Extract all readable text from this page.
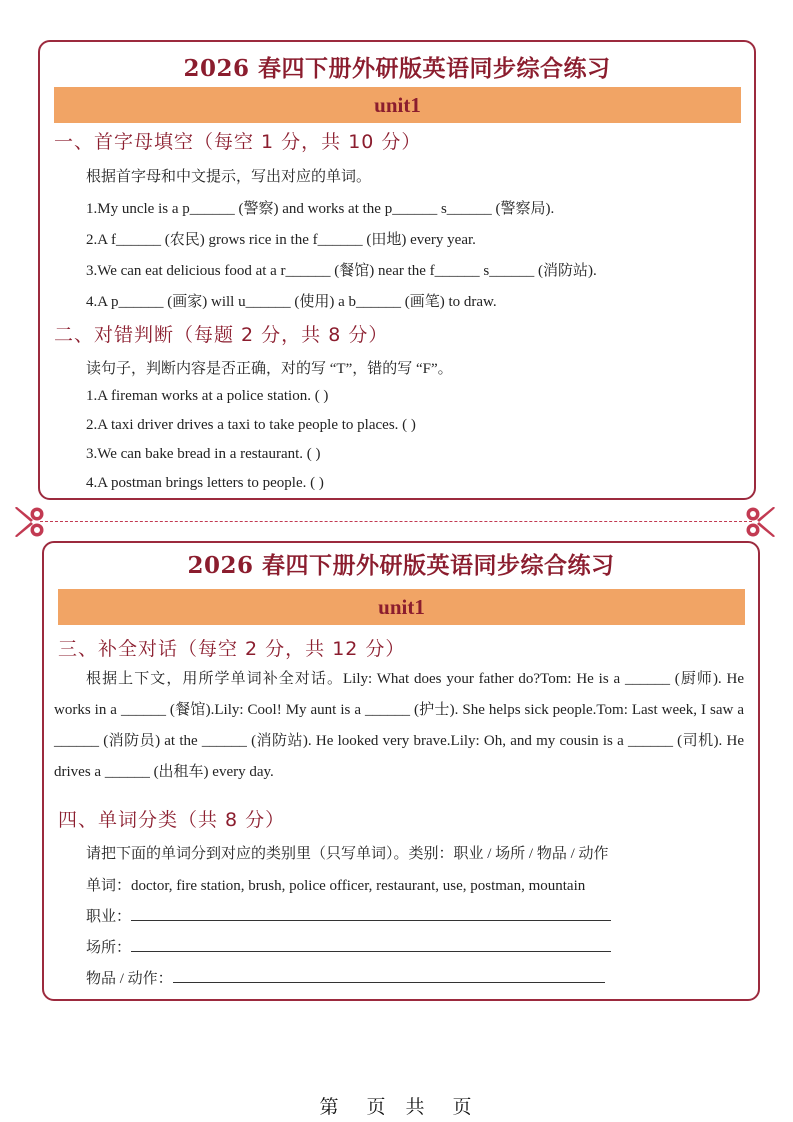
2026 春四下册外研版英语同步综合练习
unit1
一、首字母填空（每空 1 分，共 10 分）
根据首字母和中文提示，写出对应的单词。
1.My uncle is a p______ (警察) and works at the p______ s______ (警察局).
2.A f______ (农民) grows rice in the f______ (田地) every year.
3.We can eat delicious food at a r______ (餐馆) near the f______ s______ (消防站).
4.A p______ (画家) will u______ (使用) a b______ (画笔) to draw.
二、对错判断（每题 2 分，共 8 分）
读句子，判断内容是否正确，对的写 “T”，错的写 “F”。
1.A fireman works at a police station. ( )
2.A taxi driver drives a taxi to take people to places. ( )
3.We can bake bread in a restaurant. ( )
4.A postman brings letters to people. ( )
2026 春四下册外研版英语同步综合练习
unit1
三、补全对话（每空 2 分，共 12 分）
根据上下文，用所学单词补全对话。Lily: What does your father do?Tom: He is a ______ (厨师). He works in a ______ (餐馆).Lily: Cool! My aunt is a ______ (护士). She helps sick people.Tom: Last week, I saw a ______ (消防员) at the ______ (消防站). He looked very brave.Lily: Oh, and my cousin is a ______ (司机). He drives a ______ (出租车) every day.
四、单词分类（共 8 分）
请把下面的单词分到对应的类别里（只写单词）。类别：职业 / 场所 / 物品 / 动作
单词：doctor, fire station, brush, police officer, restaurant, use, postman, mountain
职业：
场所：
物品 / 动作：
第 页 共 页
